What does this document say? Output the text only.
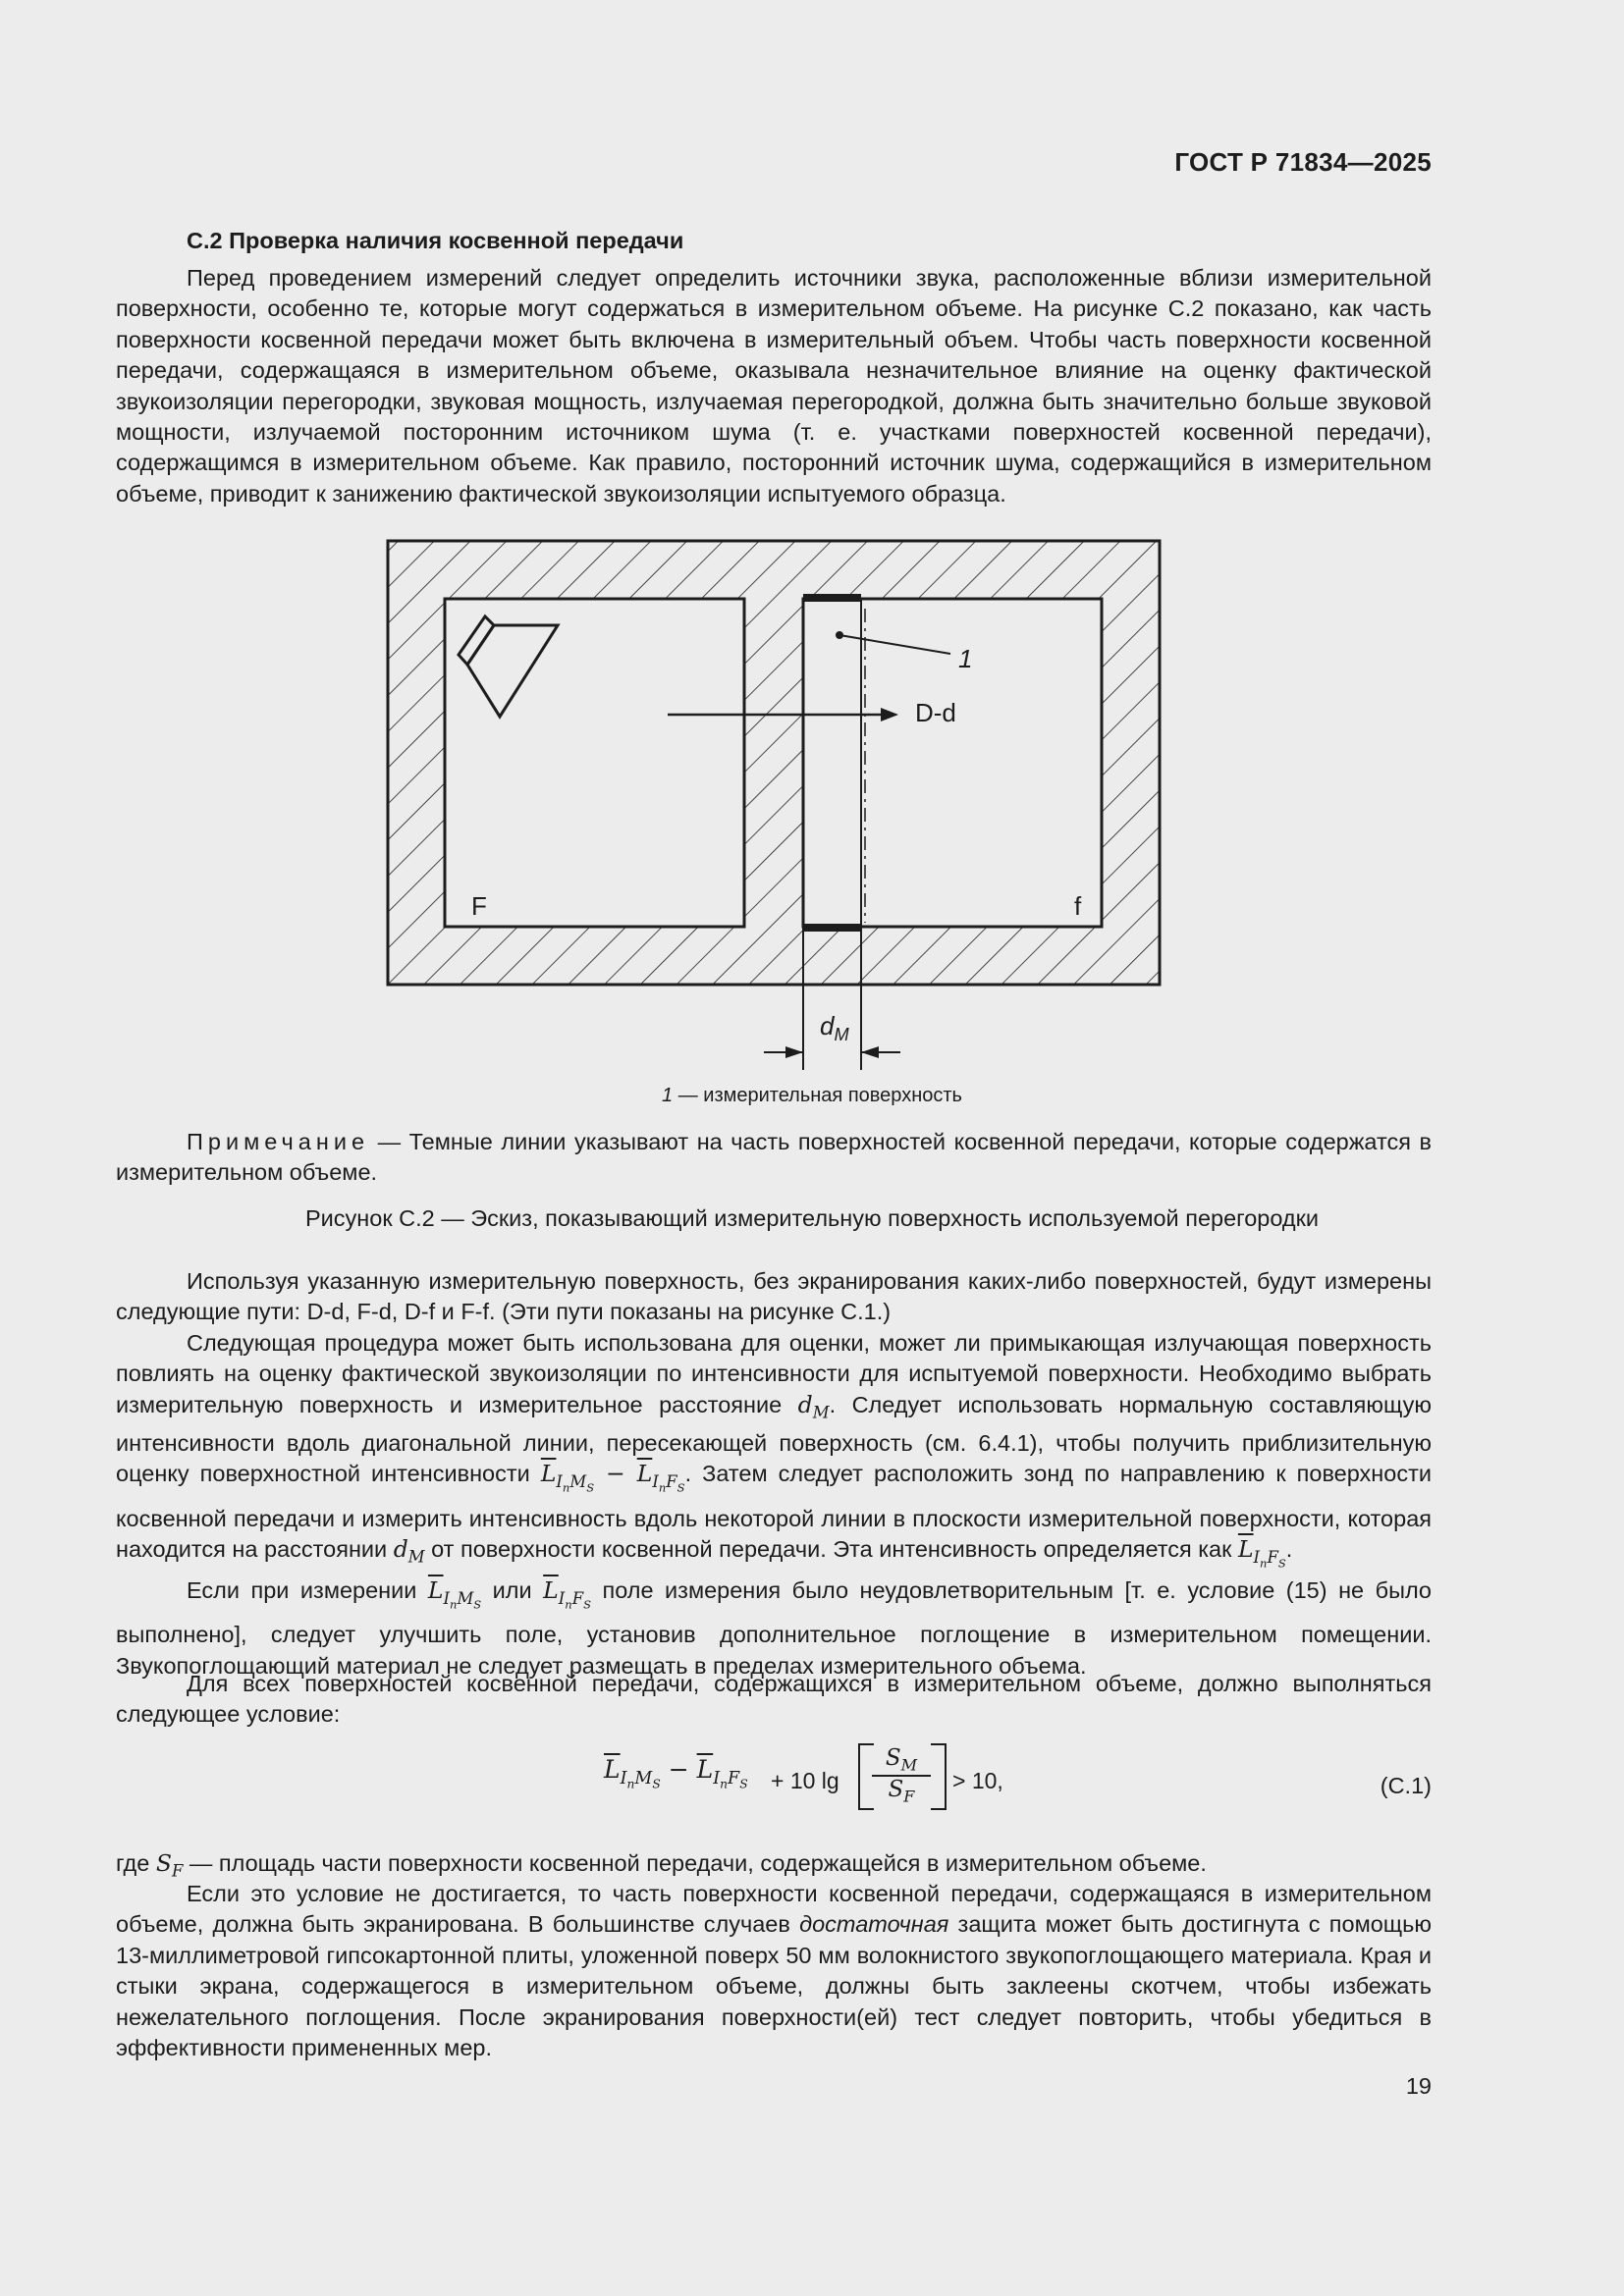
ГОСТ Р 71834—2025
С.2 Проверка наличия косвенной передачи
Перед проведением измерений следует определить источники звука, расположенные вблизи измерительной поверхности, особенно те, которые могут содержаться в измерительном объеме. На рисунке С.2 показано, как часть поверхности косвенной передачи может быть включена в измерительный объем. Чтобы часть поверхности косвенной передачи, содержащаяся в измерительном объеме, оказывала незначительное влияние на оценку фактической звукоизоляции перегородки, звуковая мощность, излучаемая перегородкой, должна быть значительно больше звуковой мощности, излучаемой посторонним источником шума (т. е. участками поверхностей косвенной передачи), содержащимся в измерительном объеме. Как правило, посторонний источник шума, содержащийся в измерительном объеме, приводит к занижению фактической звукоизоляции испытуемого образца.
1
D-d
F	f
$d_M$
1 — измерительная поверхность
Примечание — Темные линии указывают на часть поверхностей косвенной передачи, которые содержатся в измерительном объеме.
Рисунок С.2 — Эскиз, показывающий измерительную поверхность используемой перегородки
Используя указанную измерительную поверхность, без экранирования каких-либо поверхностей, будут измерены следующие пути: D-d, F-d, D-f и F-f. (Эти пути показаны на рисунке С.1.)
Следующая процедура может быть использована для оценки, может ли примыкающая излучающая поверхность повлиять на оценку фактической звукоизоляции по интенсивности для испытуемой поверхности. Необходимо выбрать измерительную поверхность и измерительное расстояние $d_M$. Следует использовать нормальную составляющую интенсивности вдоль диагональной линии, пересекающей поверхность (см. 6.4.1), чтобы получить приблизительную оценку поверхностной интенсивности $\overline{L}_{I_nM_S} - \overline{L}_{I_nF_S}$. Затем следует расположить зонд по направлению к поверхности косвенной передачи и измерить интенсивность вдоль некоторой линии в плоскости измерительной поверхности, которая находится на расстоянии $d_M$ от поверхности косвенной передачи. Эта интенсивность определяется как $\overline{L}_{I_nF_S}$.
Если при измерении $\overline{L}_{I_nM_S}$ или $\overline{L}_{I_nF_S}$ поле измерения было неудовлетворительным [т. е. условие (15) не было выполнено], следует улучшить поле, установив дополнительное поглощение в измерительном помещении. Звукопоглощающий материал не следует размещать в пределах измерительного объема.
Для всех поверхностей косвенной передачи, содержащихся в измерительном объеме, должно выполняться следующее условие:
$\overline{L}_{I_nM_S} - \overline{L}_{I_nF_S} + 10$ lg
$S_M$
$S_F$
> 10,	(С.1)
где $S_F$ — площадь части поверхности косвенной передачи, содержащейся в измерительном объеме.
Если это условие не достигается, то часть поверхности косвенной передачи, содержащаяся в измерительном объеме, должна быть экранирована. В большинстве случаев достаточная защита может быть достигнута с помощью 13-миллиметровой гипсокартонной плиты, уложенной поверх 50 мм волокнистого звукопоглощающего материала. Края и стыки экрана, содержащегося в измерительном объеме, должны быть заклеены скотчем, чтобы избежать нежелательного поглощения. После экранирования поверхности(ей) тест следует повторить, чтобы убедиться в эффективности примененных мер.
19
